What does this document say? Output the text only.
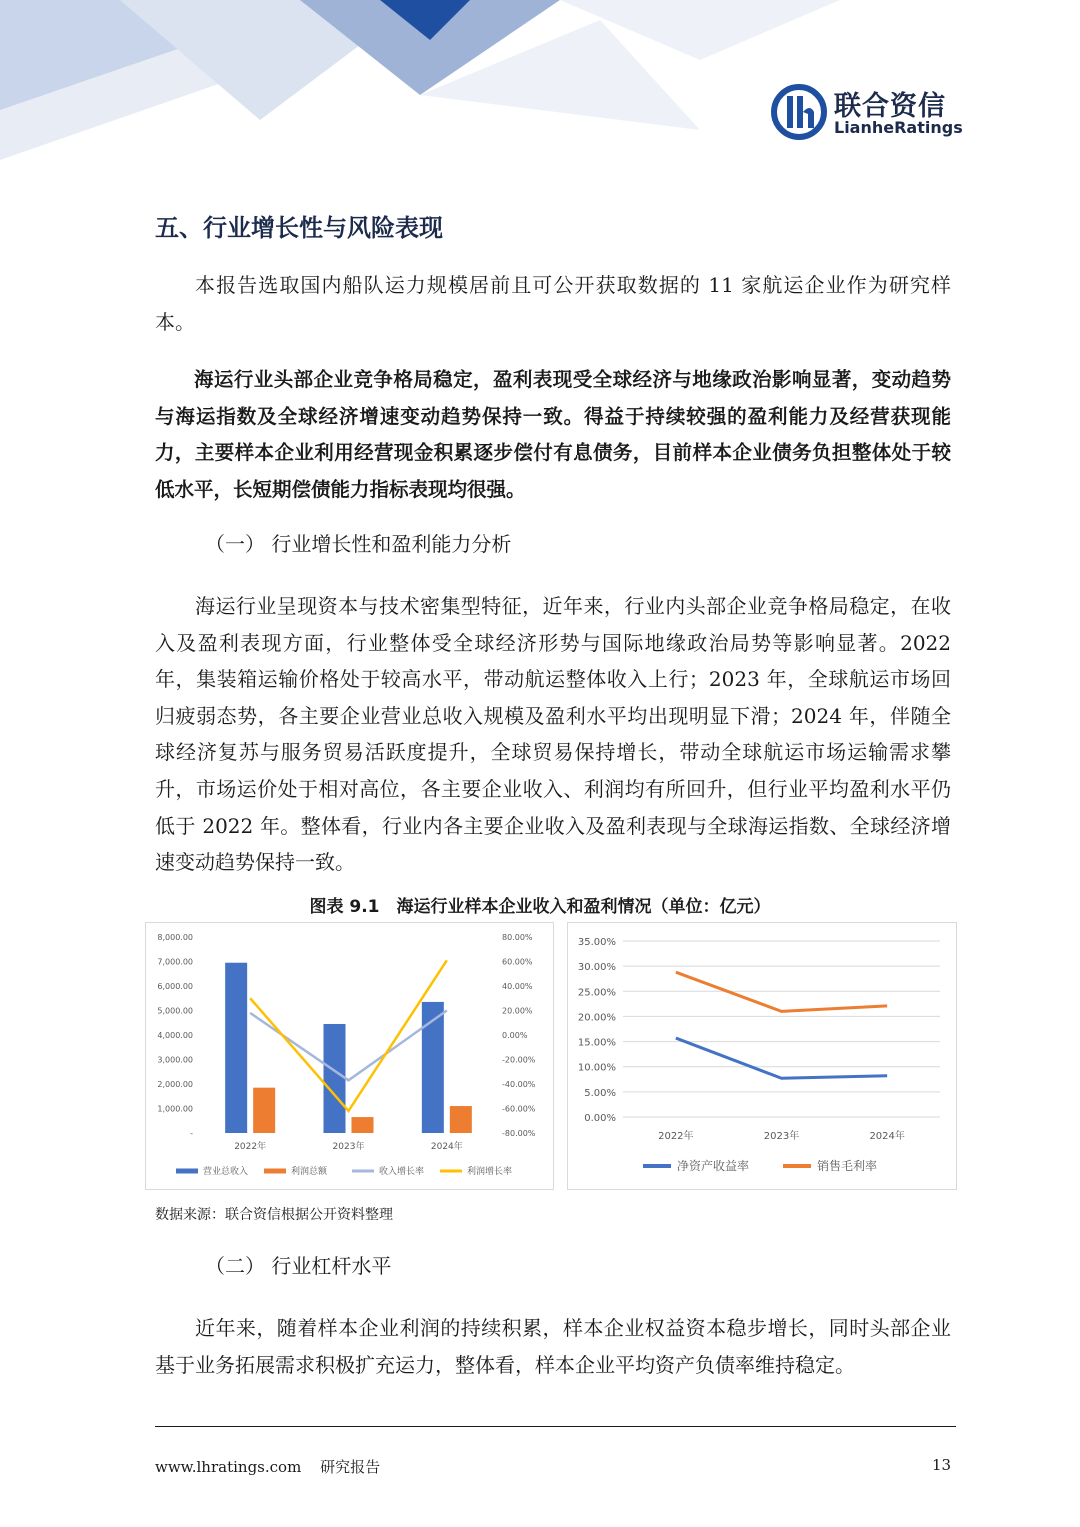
联合资信
LianheRatings
五、行业增长性与风险表现
本报告选取国内船队运力规模居前且可公开获取数据的 11 家航运企业作为研究样本。
海运行业头部企业竞争格局稳定，盈利表现受全球经济与地缘政治影响显著，变动趋势与海运指数及全球经济增速变动趋势保持一致。得益于持续较强的盈利能力及经营获现能力，主要样本企业利用经营现金积累逐步偿付有息债务，目前样本企业债务负担整体处于较低水平，长短期偿债能力指标表现均很强。
（一） 行业增长性和盈利能力分析
海运行业呈现资本与技术密集型特征，近年来，行业内头部企业竞争格局稳定，在收入及盈利表现方面，行业整体受全球经济形势与国际地缘政治局势等影响显著。2022 年，集装箱运输价格处于较高水平，带动航运整体收入上行；2023 年，全球航运市场回归疲弱态势，各主要企业营业总收入规模及盈利水平均出现明显下滑；2024 年，伴随全球经济复苏与服务贸易活跃度提升，全球贸易保持增长，带动全球航运市场运输需求攀升，市场运价处于相对高位，各主要企业收入、利润均有所回升，但行业平均盈利水平仍低于 2022 年。整体看，行业内各主要企业收入及盈利表现与全球海运指数、全球经济增速变动趋势保持一致。
图表 9.1　海运行业样本企业收入和盈利情况（单位：亿元）
8,000.00
7,000.00
6,000.00
5,000.00
4,000.00
3,000.00
2,000.00
1,000.00
-
80.00%
60.00%
40.00%
20.00%
0.00%
-20.00%
-40.00%
-60.00%
-80.00%
2022年	2023年	2024年
营业总收入	利润总额	收入增长率	利润增长率
35.00%
30.00%
25.00%
20.00%
15.00%
10.00%
5.00%
0.00%
2022年	2023年	2024年
净资产收益率	销售毛利率
数据来源：联合资信根据公开资料整理
（二） 行业杠杆水平
近年来，随着样本企业利润的持续积累，样本企业权益资本稳步增长，同时头部企业基于业务拓展需求积极扩充运力，整体看，样本企业平均资产负债率维持稳定。
www.lhratings.com 研究报告	13
